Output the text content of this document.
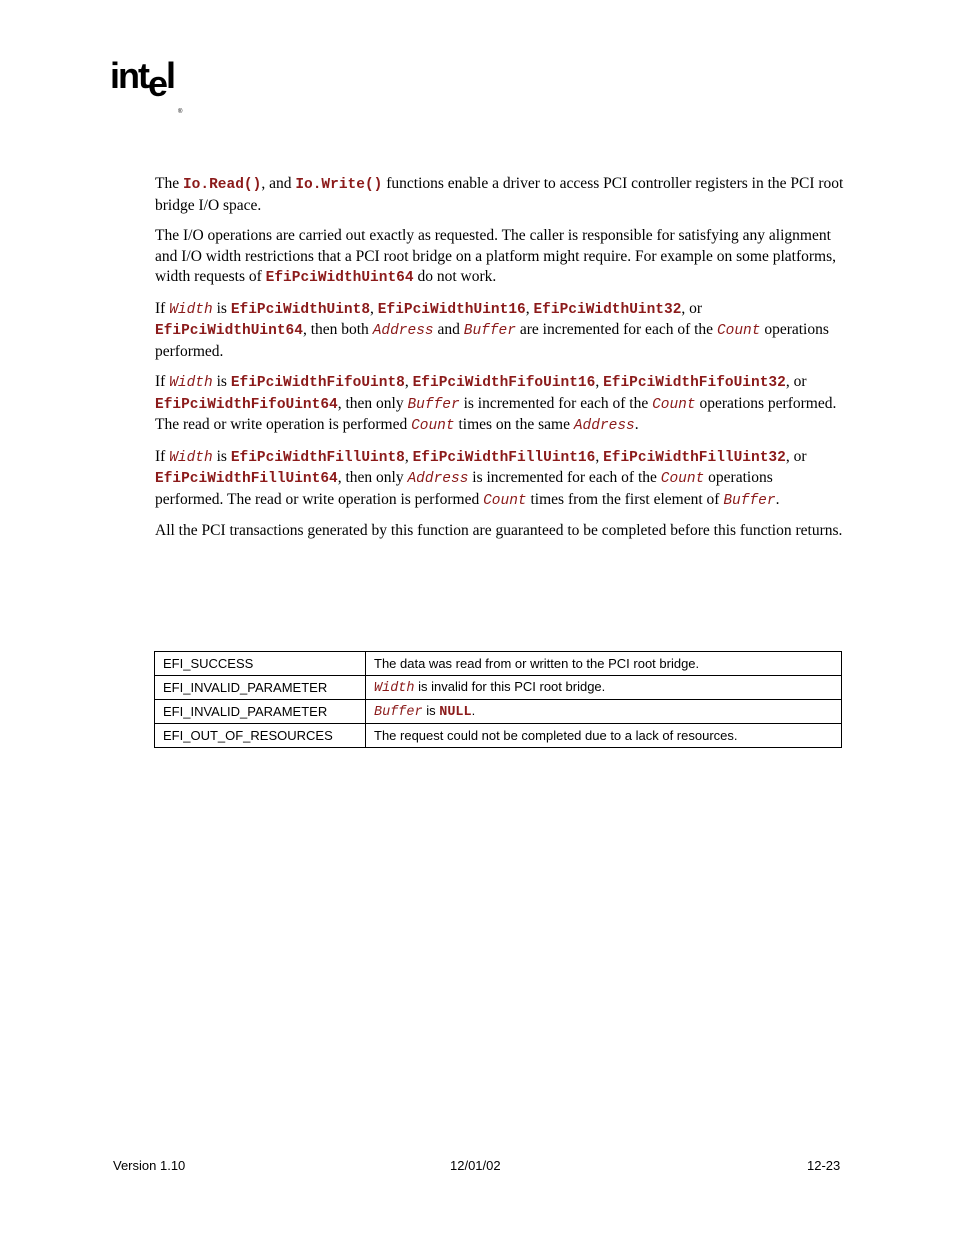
intel$_®$

The Io.Read(), and Io.Write() functions enable a driver to access PCI controller registers in the PCI root bridge I/O space.

The I/O operations are carried out exactly as requested. The caller is responsible for satisfying any alignment and I/O width restrictions that a PCI root bridge on a platform might require. For example on some platforms, width requests of EfiPciWidthUint64 do not work.

If Width is EfiPciWidthUint8, EfiPciWidthUint16, EfiPciWidthUint32, or EfiPciWidthUint64, then both Address and Buffer are incremented for each of the Count operations performed.

If Width is EfiPciWidthFifoUint8, EfiPciWidthFifoUint16, EfiPciWidthFifoUint32, or EfiPciWidthFifoUint64, then only Buffer is incremented for each of the Count operations performed. The read or write operation is performed Count times on the same Address.

If Width is EfiPciWidthFillUint8, EfiPciWidthFillUint16, EfiPciWidthFillUint32, or EfiPciWidthFillUint64, then only Address is incremented for each of the Count operations performed. The read or write operation is performed Count times from the first element of Buffer.

All the PCI transactions generated by this function are guaranteed to be completed before this function returns.

EFI_SUCCESS	The data was read from or written to the PCI root bridge.
EFI_INVALID_PARAMETER	Width is invalid for this PCI root bridge.
EFI_INVALID_PARAMETER	Buffer is NULL.
EFI_OUT_OF_RESOURCES	The request could not be completed due to a lack of resources.
Version 1.10	12/01/02	12-23
